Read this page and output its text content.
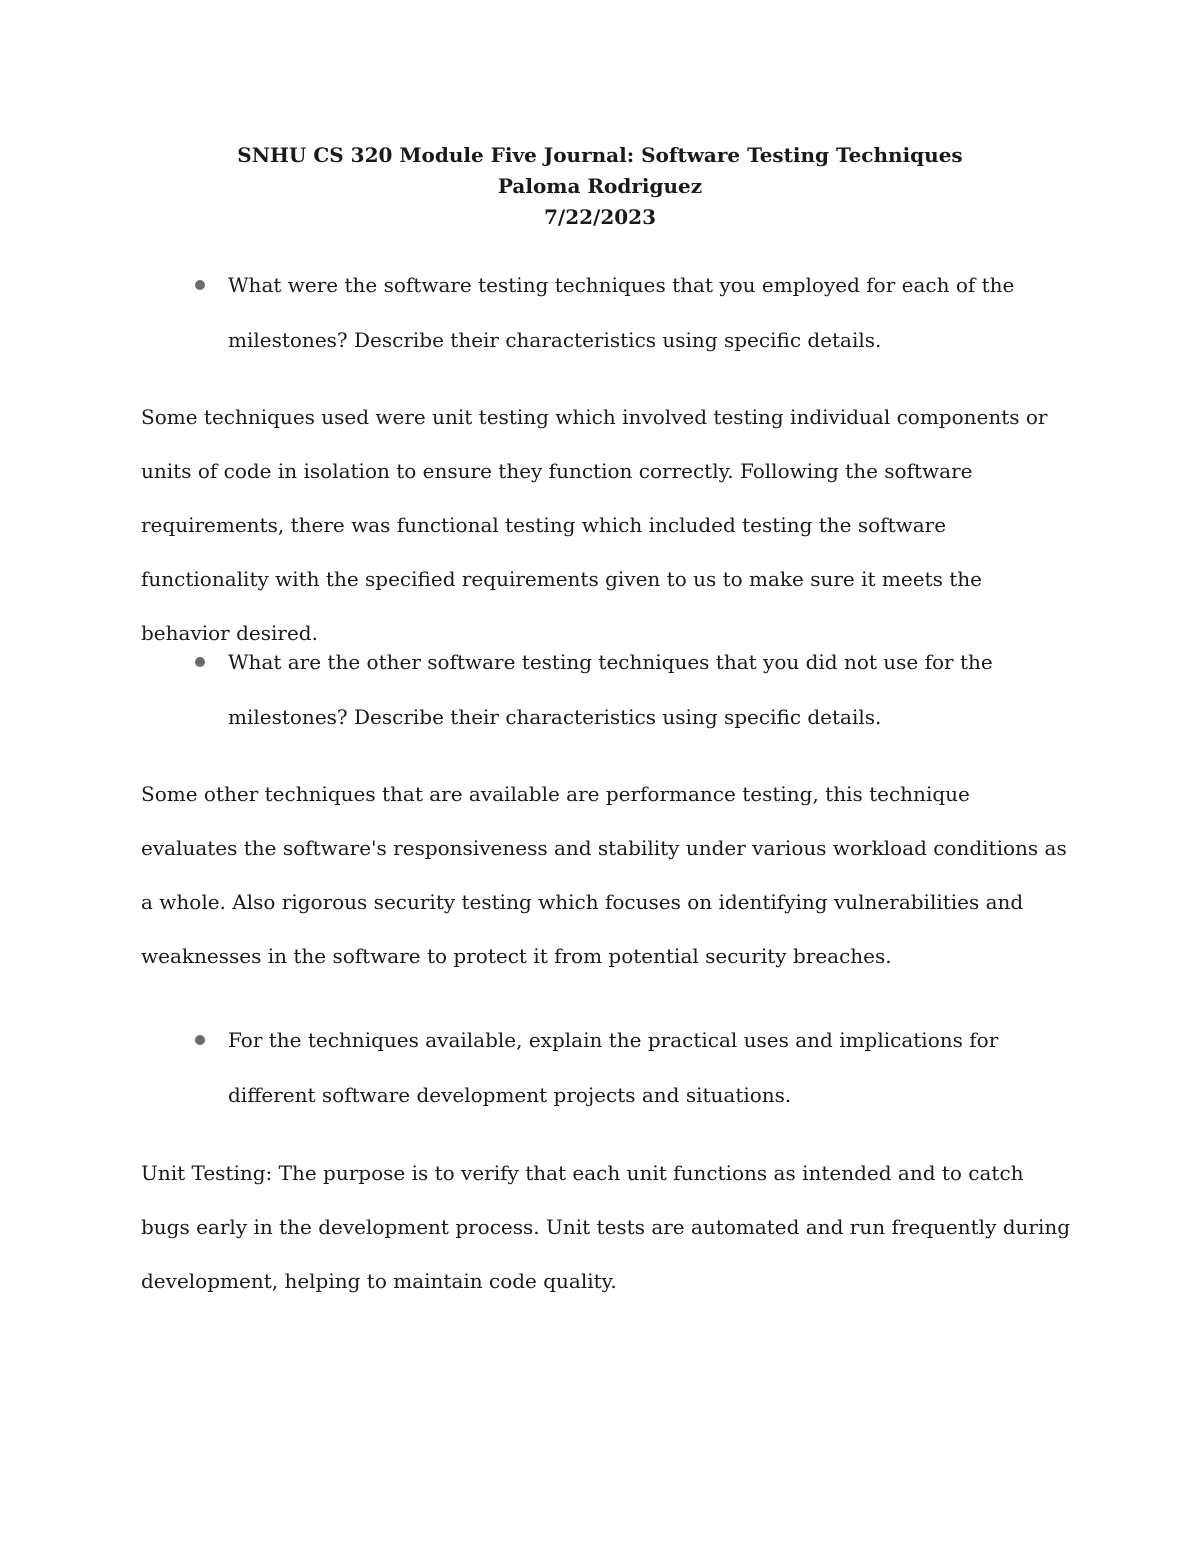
SNHU CS 320 Module Five Journal: Software Testing Techniques
Paloma Rodriguez
7/22/2023
What were the software testing techniques that you employed for each of the milestones? Describe their characteristics using specific details.
Some techniques used were unit testing which involved testing individual components or units of code in isolation to ensure they function correctly. Following the software requirements, there was functional testing which included testing the software functionality with the specified requirements given to us to make sure it meets the behavior desired.
What are the other software testing techniques that you did not use for the milestones? Describe their characteristics using specific details.
Some other techniques that are available are performance testing, this technique evaluates the software's responsiveness and stability under various workload conditions as a whole. Also rigorous security testing which focuses on identifying vulnerabilities and weaknesses in the software to protect it from potential security breaches.
For the techniques available, explain the practical uses and implications for different software development projects and situations.
Unit Testing: The purpose is to verify that each unit functions as intended and to catch bugs early in the development process. Unit tests are automated and run frequently during development, helping to maintain code quality.
